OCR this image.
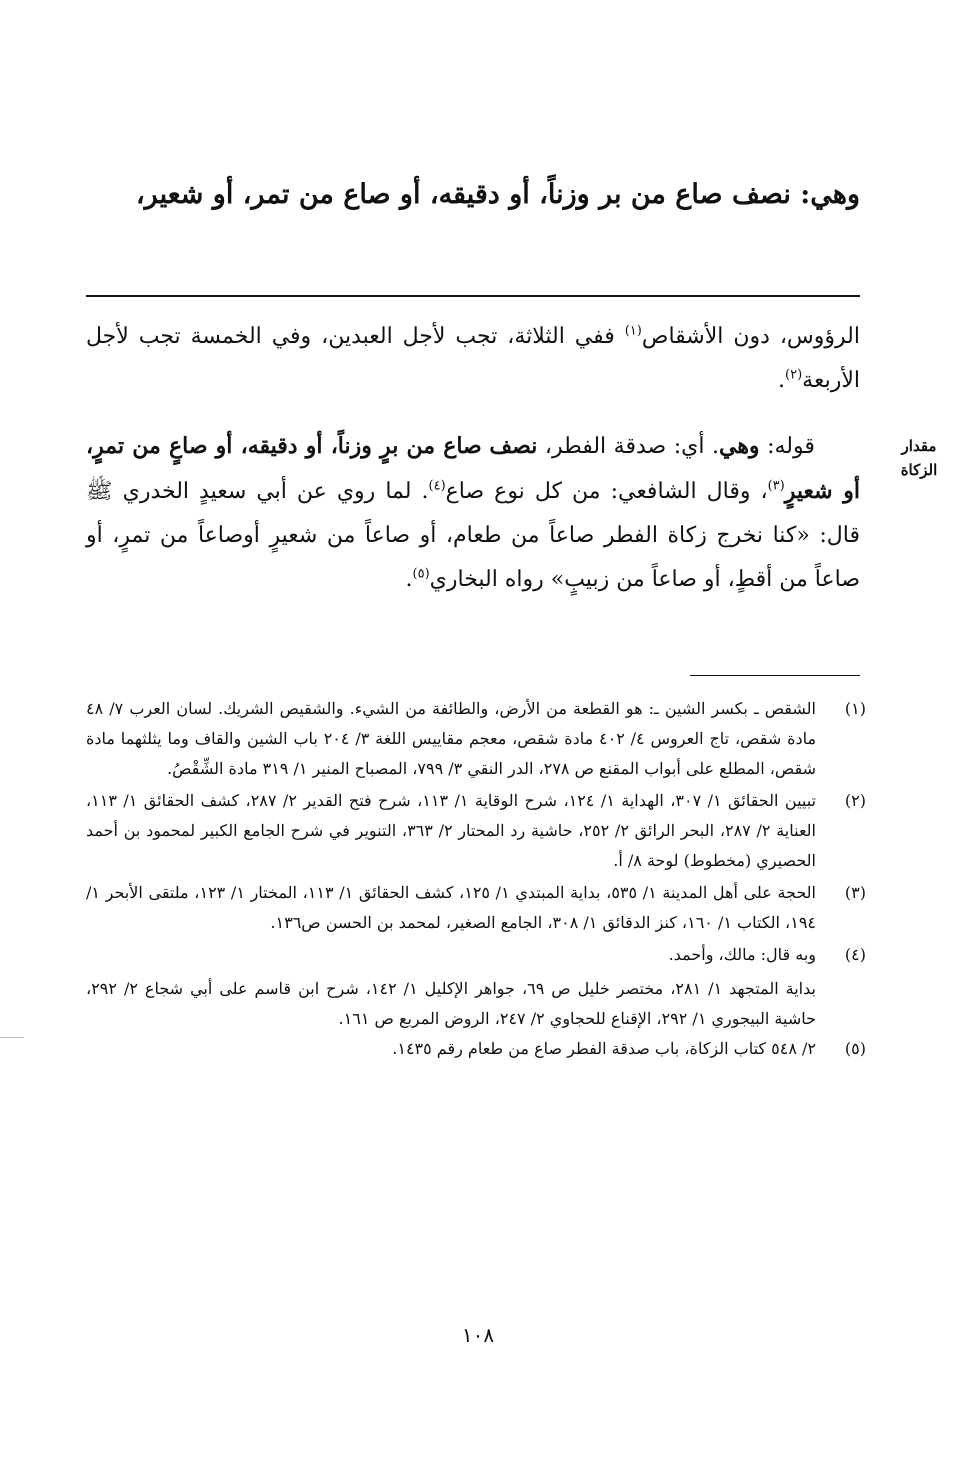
وهي: نصف صاع من بر وزناً، أو دقيقه، أو صاع من تمر، أو شعير،
الرؤوس، دون الأشقاص$^{(١)}$ ففي الثلاثة، تجب لأجل العبدين، وفي الخمسة تجب لأجل الأربعة$^{(٢)}$.
قوله: وهي. أي: صدقة الفطر، نصف صاع من برٍ وزناً، أو دقيقه، أو صاعٍ من تمرٍ، أو شعيرٍ$^{(٣)}$، وقال الشافعي: من كل نوع صاع$^{(٤)}$. لما روي عن أبي سعيدٍ الخدري ﷺ قال: «كنا نخرج زكاة الفطر صاعاً من طعام، أو صاعاً من شعيرٍ أوصاعاً من تمرٍ، أو صاعاً من أقطٍ، أو صاعاً من زبيبٍ» رواه البخاري$^{(٥)}$.
مقدار
الزكاة
(١)
الشقص ـ بكسر الشين ـ: هو القطعة من الأرض، والطائفة من الشيء. والشقيص الشريك. لسان العرب ٧/ ٤٨ مادة شقص، تاج العروس ٤/ ٤٠٢ مادة شقص، معجم مقاييس اللغة ٣/ ٢٠٤ باب الشين والقاف وما يثلثهما مادة شقص، المطلع على أبواب المقنع ص ٢٧٨، الدر النقي ٣/ ٧٩٩، المصباح المنير ١/ ٣١٩ مادة الشِّقْصُ.
(٢)
تبيين الحقائق ١/ ٣٠٧، الهداية ١/ ١٢٤، شرح الوقاية ١/ ١١٣، شرح فتح القدير ٢/ ٢٨٧، كشف الحقائق ١/ ١١٣، العناية ٢/ ٢٨٧، البحر الرائق ٢/ ٢٥٢، حاشية رد المحتار ٢/ ٣٦٣، التنوير في شرح الجامع الكبير لمحمود بن أحمد الحصيري (مخطوط) لوحة ٨/ أ.
(٣)
الحجة على أهل المدينة ١/ ٥٣٥، بداية المبتدي ١/ ١٢٥، كشف الحقائق ١/ ١١٣، المختار ١/ ١٢٣، ملتقى الأبحر ١/ ١٩٤، الكتاب ١/ ١٦٠، كنز الدقائق ١/ ٣٠٨، الجامع الصغير، لمحمد بن الحسن ص١٣٦.
(٤)
وبه قال: مالك، وأحمد.
بداية المتجهد ١/ ٢٨١، مختصر خليل ص ٦٩، جواهر الإكليل ١/ ١٤٢، شرح ابن قاسم على أبي شجاع ٢/ ٢٩٢، حاشية البيجوري ١/ ٢٩٢، الإقناع للحجاوي ٢/ ٢٤٧، الروض المربع ص ١٦١.
(٥)
٢/ ٥٤٨ كتاب الزكاة، باب صدقة الفطر صاع من طعام رقم ١٤٣٥.
١٠٨
